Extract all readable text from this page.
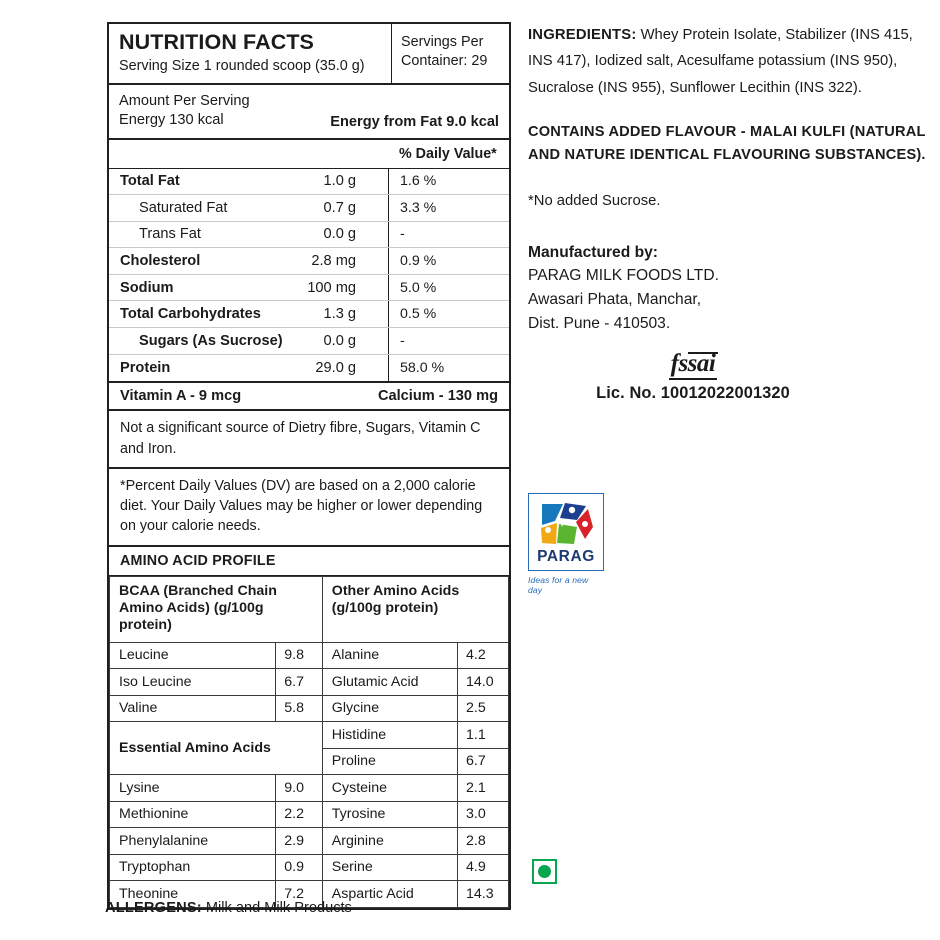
NUTRITION FACTS
Serving Size 1 rounded scoop (35.0 g)
Servings Per Container: 29
Amount Per Serving
Energy 130 kcal	Energy from Fat 9.0 kcal
% Daily Value*
Total Fat	1.0 g	1.6 %
Saturated Fat	0.7 g	3.3 %
Trans Fat	0.0 g	-
Cholesterol	2.8 mg	0.9 %
Sodium	100 mg	5.0 %
Total Carbohydrates	1.3 g	0.5 %
Sugars (As Sucrose)	0.0 g	-
Protein	29.0 g	58.0 %
Vitamin A - 9 mcg	Calcium - 130 mg
Not a significant source of Dietry fibre, Sugars, Vitamin C and Iron.
*Percent Daily Values (DV) are based on a 2,000 calorie diet. Your Daily Values may be higher or lower depending on your calorie needs.
AMINO ACID PROFILE
BCAA (Branched Chain Amino Acids) (g/100g protein)		Other Amino Acids (g/100g protein)	
Leucine	9.8	Alanine	4.2
Iso Leucine	6.7	Glutamic Acid	14.0
Valine	5.8	Glycine	2.5
Essential Amino Acids		Histidine	1.1
		Proline	6.7
Lysine	9.0	Cysteine	2.1
Methionine	2.2	Tyrosine	3.0
Phenylalanine	2.9	Arginine	2.8
Tryptophan	0.9	Serine	4.9
Theonine	7.2	Aspartic Acid	14.3
ALLERGENS: Milk and Milk Products
INGREDIENTS: Whey Protein Isolate, Stabilizer (INS 415, INS 417), Iodized salt, Acesulfame potassium (INS 950), Sucralose (INS 955), Sunflower Lecithin (INS 322).
CONTAINS ADDED FLAVOUR - MALAI KULFI (NATURAL AND NATURE IDENTICAL FLAVOURING SUBSTANCES).
*No added Sucrose.
Manufactured by:
PARAG MILK FOODS LTD.
Awasari Phata, Manchar,
Dist. Pune - 410503.
fssai
Lic. No. 10012022001320
PARAG
Ideas for a new day
